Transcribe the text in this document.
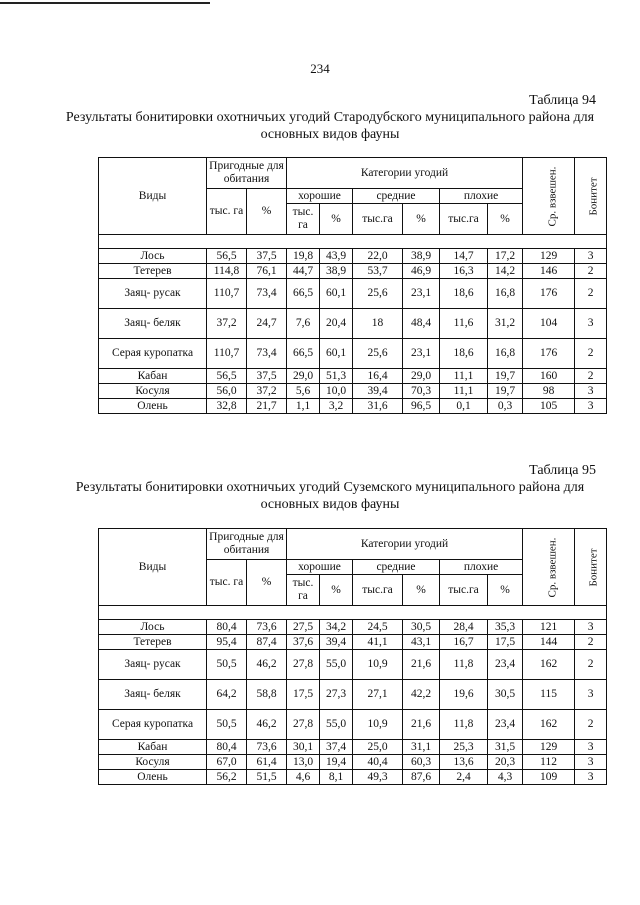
234
Таблица 94
Результаты бонитировки охотничьих угодий Стародубского муниципального района для основных видов фауны
Виды	Пригодные для обитания		Категории угодий						Ср. взвешен.	Бонитет
	тыс. га	%	хорошие		средние		плохие			
			тыс. га	%	тыс.га	%	тыс.га	%		

Лось	56,5	37,5	19,8	43,9	22,0	38,9	14,7	17,2	129	3
Тетерев	114,8	76,1	44,7	38,9	53,7	46,9	16,3	14,2	146	2
Заяц- русак	110,7	73,4	66,5	60,1	25,6	23,1	18,6	16,8	176	2
Заяц- беляк	37,2	24,7	7,6	20,4	18	48,4	11,6	31,2	104	3
Серая куропатка	110,7	73,4	66,5	60,1	25,6	23,1	18,6	16,8	176	2
Кабан	56,5	37,5	29,0	51,3	16,4	29,0	11,1	19,7	160	2
Косуля	56,0	37,2	5,6	10,0	39,4	70,3	11,1	19,7	98	3
Олень	32,8	21,7	1,1	3,2	31,6	96,5	0,1	0,3	105	3
Таблица 95
Результаты бонитировки охотничьих угодий Суземского муниципального района для основных видов фауны
Виды	Пригодные для обитания		Категории угодий						Ср. взвешен.	Бонитет
	тыс. га	%	хорошие		средние		плохие			
			тыс. га	%	тыс.га	%	тыс.га	%		

Лось	80,4	73,6	27,5	34,2	24,5	30,5	28,4	35,3	121	3
Тетерев	95,4	87,4	37,6	39,4	41,1	43,1	16,7	17,5	144	2
Заяц- русак	50,5	46,2	27,8	55,0	10,9	21,6	11,8	23,4	162	2
Заяц- беляк	64,2	58,8	17,5	27,3	27,1	42,2	19,6	30,5	115	3
Серая куропатка	50,5	46,2	27,8	55,0	10,9	21,6	11,8	23,4	162	2
Кабан	80,4	73,6	30,1	37,4	25,0	31,1	25,3	31,5	129	3
Косуля	67,0	61,4	13,0	19,4	40,4	60,3	13,6	20,3	112	3
Олень	56,2	51,5	4,6	8,1	49,3	87,6	2,4	4,3	109	3
